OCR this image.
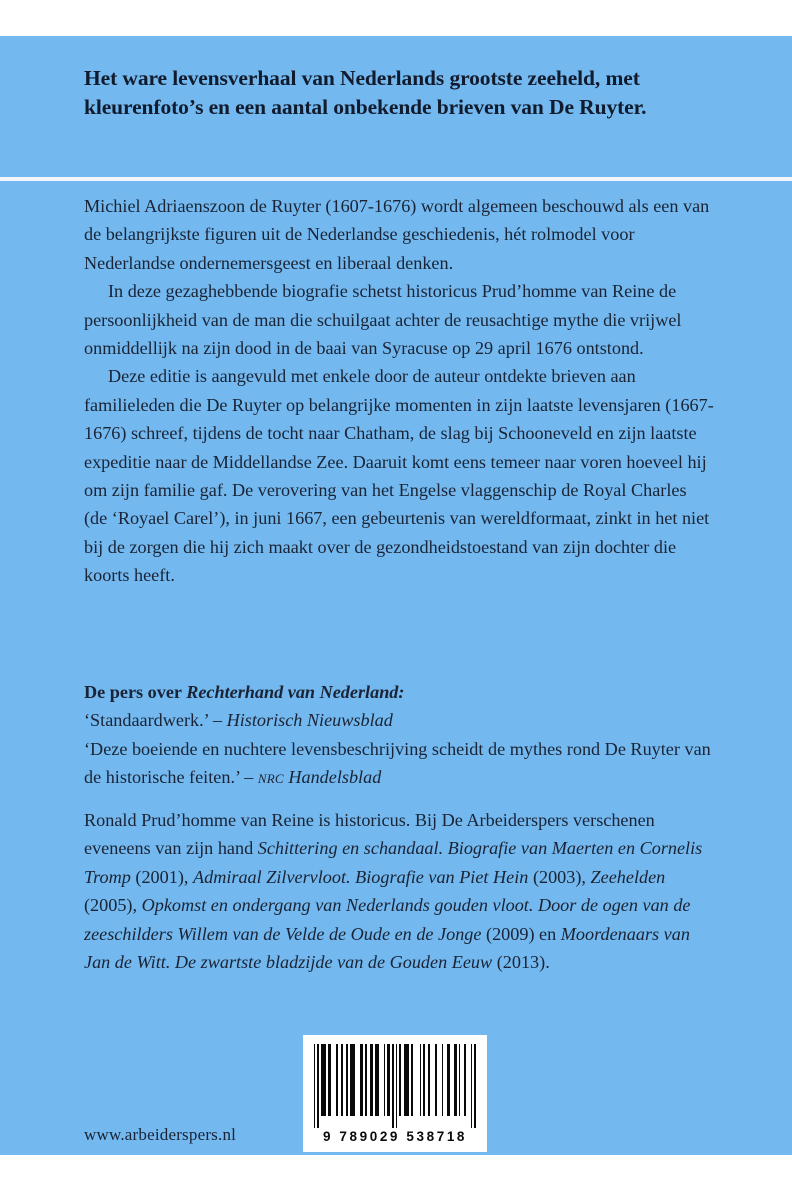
Het ware levensverhaal van Nederlands grootste zeeheld, met
kleurenfoto’s en een aantal onbekende brieven van De Ruyter.

Michiel Adriaenszoon de Ruyter (1607-1676) wordt algemeen beschouwd als een van de belangrijkste figuren uit de Nederlandse geschiedenis, hét rolmodel voor Nederlandse ondernemersgeest en liberaal denken.

In deze gezaghebbende biografie schetst historicus Prud’homme van Reine de persoonlijkheid van de man die schuilgaat achter de reusachtige mythe die vrijwel onmiddellijk na zijn dood in de baai van Syracuse op 29 april 1676 ontstond.

Deze editie is aangevuld met enkele door de auteur ontdekte brieven aan familieleden die De Ruyter op belangrijke momenten in zijn laatste levensjaren (1667-1676) schreef, tijdens de tocht naar Chatham, de slag bij Schooneveld en zijn laatste expeditie naar de Middellandse Zee. Daaruit komt eens temeer naar voren hoeveel hij om zijn familie gaf. De verovering van het Engelse vlaggenschip de Royal Charles (de ‘Royael Carel’), in juni 1667, een gebeurtenis van wereldformaat, zinkt in het niet bij de zorgen die hij zich maakt over de gezondheidstoestand van zijn dochter die koorts heeft.

De pers over Rechterhand van Nederland:
‘Standaardwerk.’ – Historisch Nieuwsblad
‘Deze boeiende en nuchtere levensbeschrijving scheidt de mythes rond De Ruyter van de historische feiten.’ – nrc Handelsblad
Ronald Prud’homme van Reine is historicus. Bij De Arbeiderspers verschenen eveneens van zijn hand Schittering en schandaal. Biografie van Maerten en Cornelis Tromp (2001), Admiraal Zilvervloot. Biografie van Piet Hein (2003), Zeehelden (2005), Opkomst en ondergang van Nederlands gouden vloot. Door de ogen van de zeeschilders Willem van de Velde de Oude en de Jonge (2009) en Moordenaars van Jan de Witt. De zwartste bladzijde van de Gouden Eeuw (2013).
www.arbeiderspers.nl	9 789029 538718
